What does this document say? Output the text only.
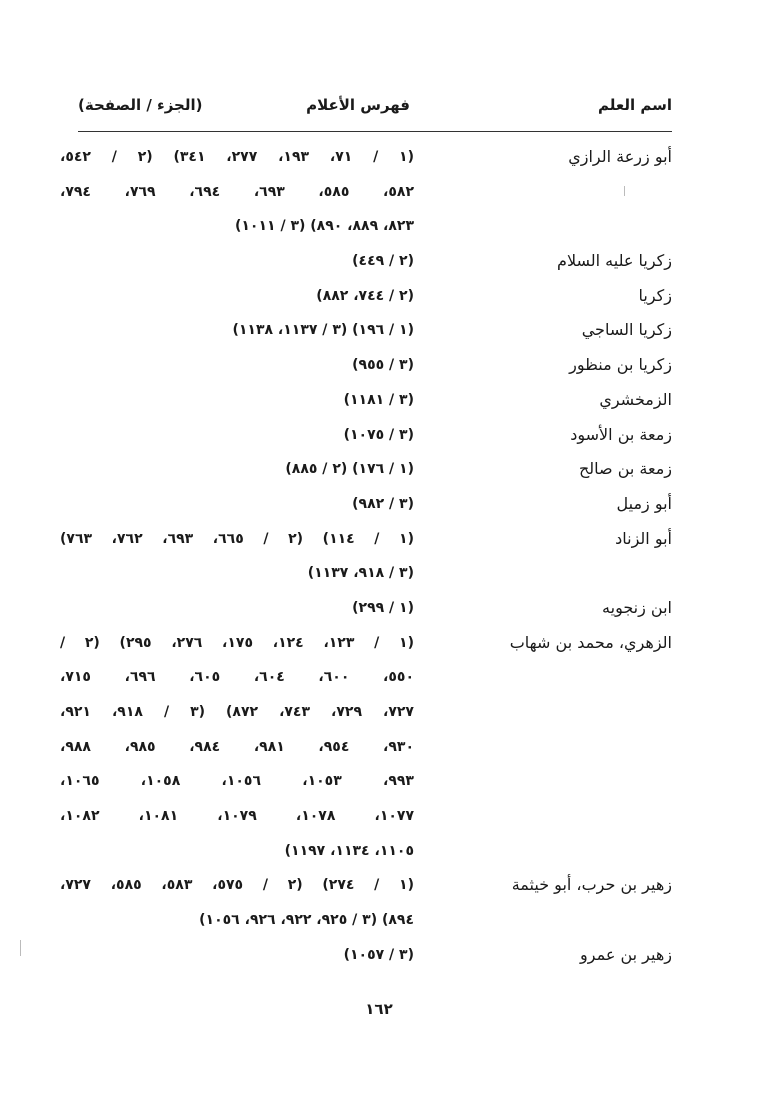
اسم العلم
فهرس الأعلام
(الجزء / الصفحة)
أبو زرعة الرازي
(١ / ٧١، ١٩٣، ٢٧٧، ٣٤١) (٢ / ٥٤٢،
٥٨٢، ٥٨٥، ٦٩٣، ٦٩٤، ٧٦٩، ٧٩٤،
٨٢٣، ٨٨٩، ٨٩٠) (٣ / ١٠١١)
زكريا عليه السلام
(٢ / ٤٤٩)
زكريا
(٢ / ٧٤٤، ٨٨٢)
زكريا الساجي
(١ / ١٩٦) (٣ / ١١٣٧، ١١٣٨)
زكريا بن منظور
(٣ / ٩٥٥)
الزمخشري
(٣ / ١١٨١)
زمعة بن الأسود
(٣ / ١٠٧٥)
زمعة بن صالح
(١ / ١٧٦) (٢ / ٨٨٥)
أبو زميل
(٣ / ٩٨٢)
أبو الزناد
(١ / ١١٤) (٢ / ٦٦٥، ٦٩٣، ٧٦٢، ٧٦٣)
(٣ / ٩١٨، ١١٣٧)
ابن زنجويه
(١ / ٢٩٩)
الزهري، محمد بن شهاب
(١ / ١٢٣، ١٢٤، ١٧٥، ٢٧٦، ٢٩٥) (٢ /
٥٥٠، ٦٠٠، ٦٠٤، ٦٠٥، ٦٩٦، ٧١٥،
٧٢٧، ٧٢٩، ٧٤٣، ٨٧٢) (٣ / ٩١٨، ٩٢١،
٩٣٠، ٩٥٤، ٩٨١، ٩٨٤، ٩٨٥، ٩٨٨،
٩٩٣، ١٠٥٣، ١٠٥٦، ١٠٥٨، ١٠٦٥،
١٠٧٧، ١٠٧٨، ١٠٧٩، ١٠٨١، ١٠٨٢،
١١٠٥، ١١٣٤، ١١٩٧)
زهير بن حرب، أبو خيثمة
(١ / ٢٧٤) (٢ / ٥٧٥، ٥٨٣، ٥٨٥، ٧٢٧،
٨٩٤) (٣ / ٩٢٥، ٩٢٢، ٩٢٦، ١٠٥٦)
زهير بن عمرو
(٣ / ١٠٥٧)
١٦٢
